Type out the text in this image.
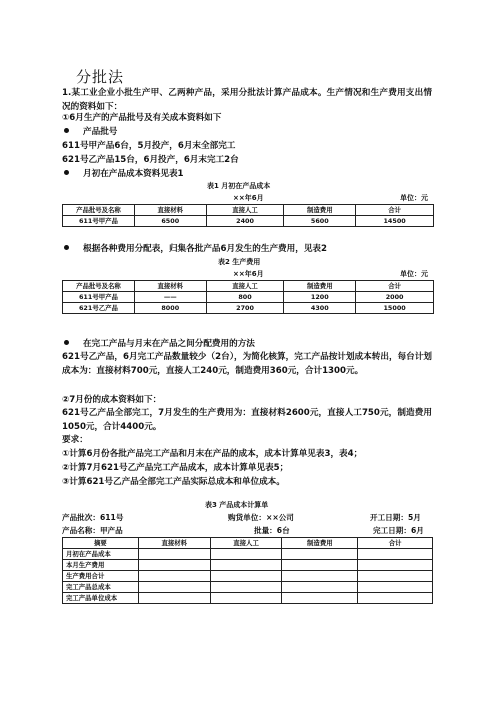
分批法
1.某工业企业小批生产甲、乙两种产品，采用分批法计算产品成本。生产情况和生产费用支出情况的资料如下：
①6月生产的产品批号及有关成本资料如下
产品批号
611号甲产品6台，5月投产，6月末全部完工
621号乙产品15台，6月投产，6月末完工2台
月初在产品成本资料见表1
表1 月初在产品成本
××年6月	单位：元
产品批号及名称	直接材料	直接人工	制造费用	合计
611号甲产品	6500	2400	5600	14500
根据各种费用分配表，归集各批产品6月发生的生产费用，见表2
表2 生产费用
××年6月	单位：元
产品批号及名称	直接材料	直接人工	制造费用	合计
611号甲产品	——	800	1200	2000
621号乙产品	8000	2700	4300	15000
在完工产品与月末在产品之间分配费用的方法
621号乙产品，6月完工产品数量较少（2台），为简化核算，完工产品按计划成本转出，每台计划成本为：直接材料700元，直接人工240元，制造费用360元，合计1300元。
②7月份的成本资料如下：
621号乙产品全部完工，7月发生的生产费用为：直接材料2600元，直接人工750元，制造费用1050元，合计4400元。
要求：
①计算6月份各批产品完工产品和月末在产品的成本，成本计算单见表3，表4；
②计算7月621号乙产品完工产品成本，成本计算单见表5；
③计算621号乙产品全部完工产品实际总成本和单位成本。
表3 产品成本计算单
产品批次：611号	购货单位：××公司	开工日期：5月
产品名称：甲产品	批量：6台	完工日期：6月
摘要	直接材料	直接人工	制造费用	合计
月初在产品成本				
本月生产费用				
生产费用合计				
完工产品总成本				
完工产品单位成本				
